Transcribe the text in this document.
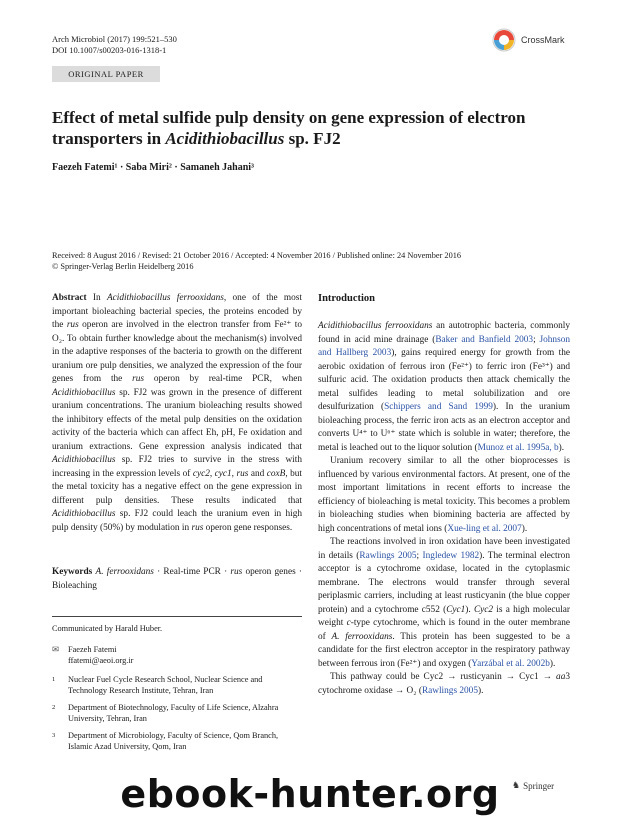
Arch Microbiol (2017) 199:521–530
DOI 10.1007/s00203-016-1318-1
CrossMark
ORIGINAL PAPER
Effect of metal sulfide pulp density on gene expression of electron
transporters in Acidithiobacillus sp. FJ2
Faezeh Fatemi¹ · Saba Miri² · Samaneh Jahani³
Received: 8 August 2016 / Revised: 21 October 2016 / Accepted: 4 November 2016 / Published online: 24 November 2016
© Springer-Verlag Berlin Heidelberg 2016
Abstract In Acidithiobacillus ferrooxidans, one of the most important bioleaching bacterial species, the proteins encoded by the rus operon are involved in the electron transfer from Fe²⁺ to O₂. To obtain further knowledge about the mechanism(s) involved in the adaptive responses of the bacteria to growth on the different uranium ore pulp densities, we analyzed the expression of the four genes from the rus operon by real-time PCR, when Acidithiobacillus sp. FJ2 was grown in the presence of different uranium concentrations. The uranium bioleaching results showed the inhibitory effects of the metal pulp densities on the oxidation activity of the bacteria which can affect Eh, pH, Fe oxidation and uranium extractions. Gene expression analysis indicated that Acidithiobacillus sp. FJ2 tries to survive in the stress with increasing in the expression levels of cyc2, cyc1, rus and coxB, but the metal toxicity has a negative effect on the gene expression in different pulp densities. These results indicated that Acidithiobacillus sp. FJ2 could leach the uranium even in high pulp density (50%) by modulation in rus operon gene responses.
Keywords A. ferrooxidans · Real-time PCR · rus operon genes · Bioleaching
Communicated by Harald Huber.
✉ Faezeh Fatemi
ffatemi@aeoi.org.ir
1	Nuclear Fuel Cycle Research School, Nuclear Science and Technology Research Institute, Tehran, Iran
2	Department of Biotechnology, Faculty of Life Science, Alzahra University, Tehran, Iran
3	Department of Microbiology, Faculty of Science, Qom Branch, Islamic Azad University, Qom, Iran
Introduction

Acidithiobacillus ferrooxidans an autotrophic bacteria, commonly found in acid mine drainage (Baker and Banfield 2003; Johnson and Hallberg 2003), gains required energy for growth from the aerobic oxidation of ferrous iron (Fe²⁺) to ferric iron (Fe³⁺) and sulfuric acid. The oxidation products then attack chemically the metal sulfides leading to metal solubilization and ore desulfurization (Schippers and Sand 1999). In the uranium bioleaching process, the ferric iron acts as an electron acceptor and converts U⁴⁺ to U⁶⁺ state which is soluble in water; therefore, the metal is leached out to the liquor solution (Munoz et al. 1995a, b).

Uranium recovery similar to all the other bioprocesses is influenced by various environmental factors. At present, one of the most important limitations in recent efforts to increase the efficiency of bioleaching is metal toxicity. This becomes a problem in bioleaching studies when biomining bacteria are affected by high concentrations of metal ions (Xue-ling et al. 2007).

The reactions involved in iron oxidation have been investigated in details (Rawlings 2005; Ingledew 1982). The terminal electron acceptor is a cytochrome oxidase, located in the cytoplasmic membrane. The electrons would transfer through several periplasmic carriers, including at least rusticyanin (the blue copper protein) and a cytochrome c552 (Cyc1). Cyc2 is a high molecular weight c-type cytochrome, which is found in the outer membrane of A. ferrooxidans. This protein has been suggested to be a candidate for the first electron acceptor in the respiratory pathway between ferrous iron (Fe²⁺) and oxygen (Yarzábal et al. 2002b).

This pathway could be Cyc2 → rusticyanin → Cyc1 → aa3 cytochrome oxidase → O₂ (Rawlings 2005).

♞ Springer
ebook-hunter.org
